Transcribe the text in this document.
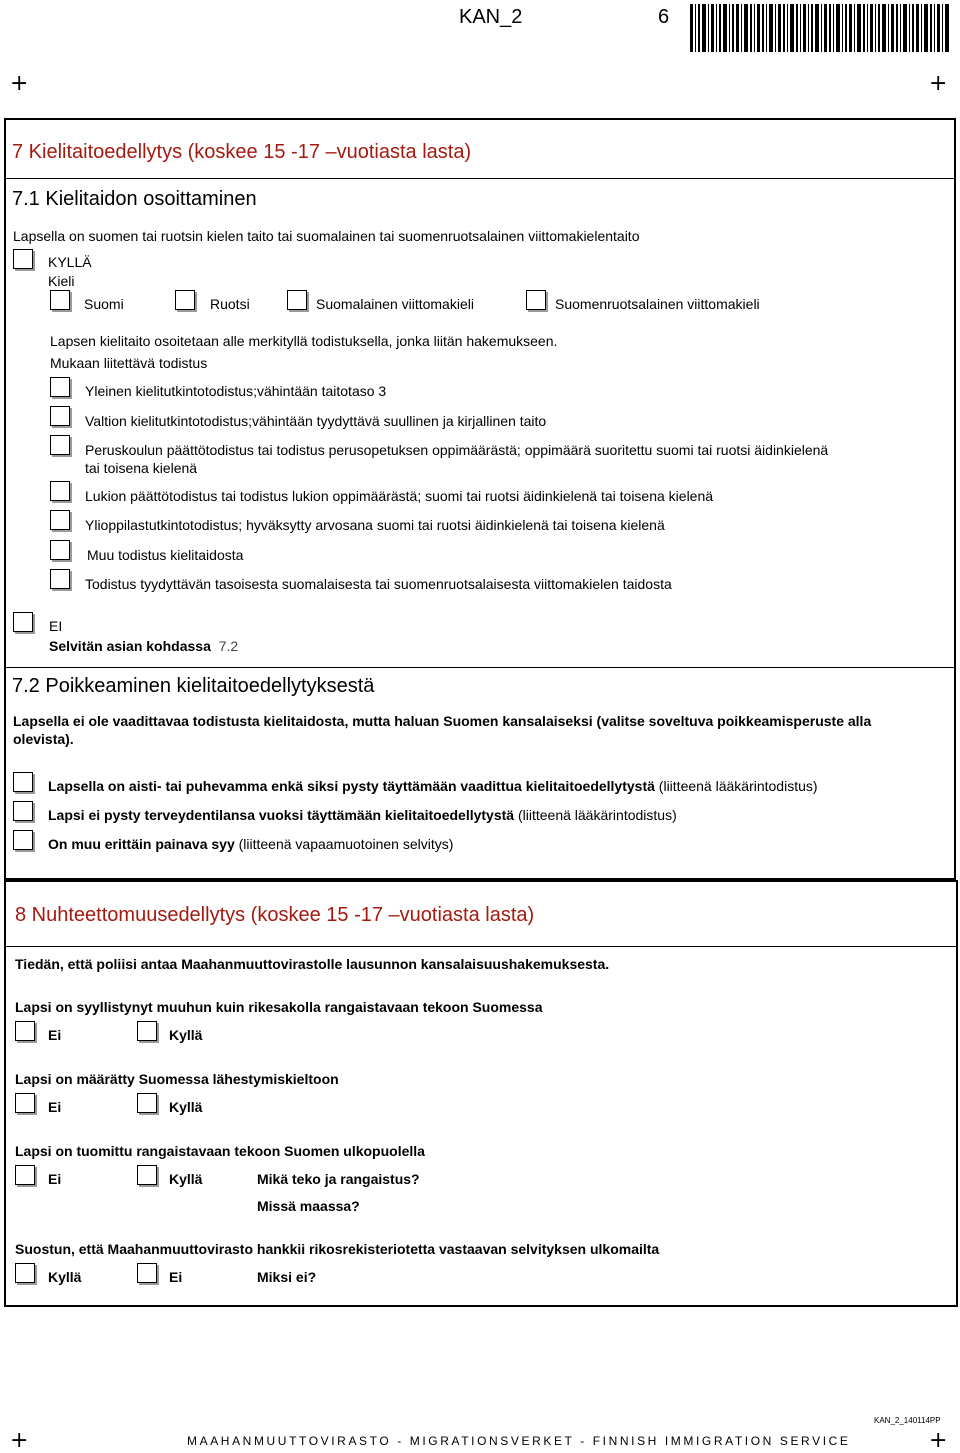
KAN_2	6
+	+
+	+
7 Kielitaitoedellytys (koskee 15 -17 –vuotiasta lasta)
7.1 Kielitaidon osoittaminen
Lapsella on suomen tai ruotsin kielen taito tai suomalainen tai suomenruotsalainen viittomakielentaito
KYLLÄ
Kieli
Suomi	Ruotsi	Suomalainen viittomakieli	Suomenruotsalainen viittomakieli
Lapsen kielitaito osoitetaan alle merkityllä todistuksella, jonka liitän hakemukseen.
Mukaan liitettävä todistus
Yleinen kielitutkintotodistus;vähintään taitotaso 3
Valtion kielitutkintotodistus;vähintään tyydyttävä suullinen ja kirjallinen taito
Peruskoulun päättötodistus tai todistus perusopetuksen oppimäärästä; oppimäärä suoritettu suomi tai ruotsi äidinkielenä
tai toisena kielenä
Lukion päättötodistus tai todistus lukion oppimäärästä; suomi tai ruotsi äidinkielenä tai toisena kielenä
Ylioppilastutkintotodistus; hyväksytty arvosana suomi tai ruotsi äidinkielenä tai toisena kielenä
Muu todistus kielitaidosta
Todistus tyydyttävän tasoisesta suomalaisesta tai suomenruotsalaisesta viittomakielen taidosta
EI
Selvitän asian kohdassa 7.2
7.2 Poikkeaminen kielitaitoedellytyksestä
Lapsella ei ole vaadittavaa todistusta kielitaidosta, mutta haluan Suomen kansalaiseksi (valitse soveltuva poikkeamisperuste alla
olevista).
Lapsella on aisti- tai puhevamma enkä siksi pysty täyttämään vaadittua kielitaitoedellytystä (liitteenä lääkärintodistus)
Lapsi ei pysty terveydentilansa vuoksi täyttämään kielitaitoedellytystä (liitteenä lääkärintodistus)
On muu erittäin painava syy (liitteenä vapaamuotoinen selvitys)
8 Nuhteettomuusedellytys (koskee 15 -17 –vuotiasta lasta)
Tiedän, että poliisi antaa Maahanmuuttovirastolle lausunnon kansalaisuushakemuksesta.
Lapsi on syyllistynyt muuhun kuin rikesakolla rangaistavaan tekoon Suomessa
Ei	Kyllä
Lapsi on määrätty Suomessa lähestymiskieltoon
Ei	Kyllä
Lapsi on tuomittu rangaistavaan tekoon Suomen ulkopuolella
Ei	Kyllä	Mikä teko ja rangaistus?
Missä maassa?
Suostun, että Maahanmuuttovirasto hankkii rikosrekisteriotetta vastaavan selvityksen ulkomailta
Kyllä	Ei	Miksi ei?
KAN_2_140114PP
MAAHANMUUTTOVIRASTO - MIGRATIONSVERKET - FINNISH IMMIGRATION SERVICE
